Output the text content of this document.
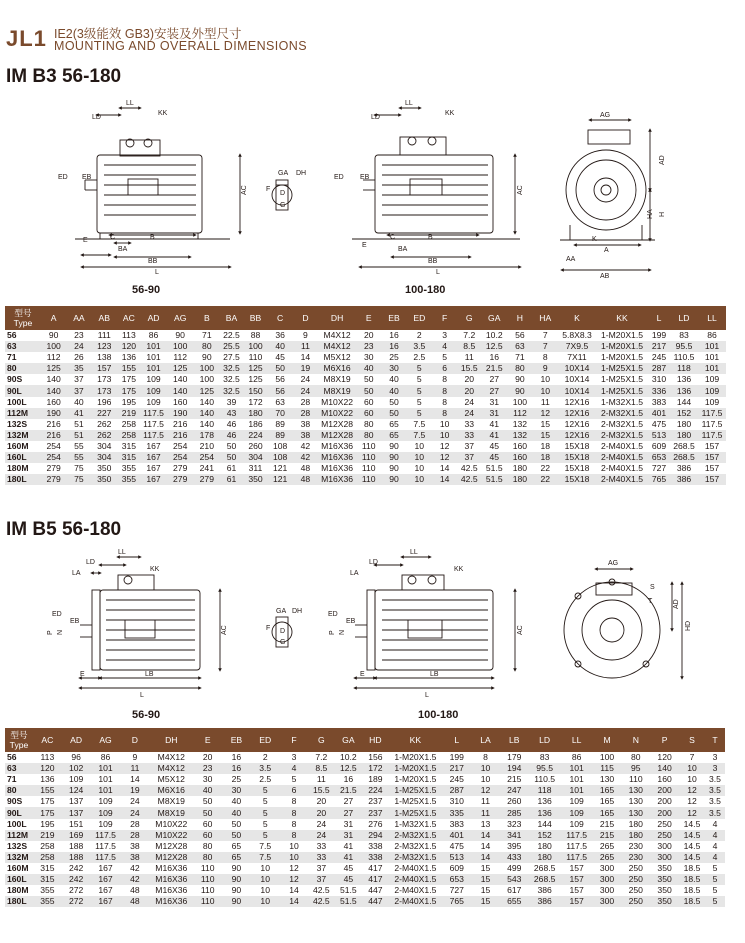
JL1 IE2(3级能效 GB3)安装及外型尺寸
MOUNTING AND OVERALL DIMENSIONS
IM B3 56-180
LD
LL
KK
ED EB
E	C	B
BA
BB
L
AC
56-90
GA DH
F
D
G
LD
LL
KK
ED EB
E
C	B
BA
BB
L
AC
100-180
AG
AD
HA H
K
A
AA
AB
型号
Type	A	AA	AB	AC	AD	AG	B	BA	BB	C	D	DH	E	EB	ED	F	G	GA	H	HA	K	KK	L	LD	LL
56	90	23	111	113	86	90	71	22.5	88	36	9	M4X12	20	16	2	3	7.2	10.2	56	7	5.8X8.3	1-M20X1.5	199	83	86
63	100	24	123	120	101	100	80	25.5	100	40	11	M4X12	23	16	3.5	4	8.5	12.5	63	7	7X9.5	1-M20X1.5	217	95.5	101
71	112	26	138	136	101	112	90	27.5	110	45	14	M5X12	30	25	2.5	5	11	16	71	8	7X11	1-M20X1.5	245	110.5	101
80	125	35	157	155	101	125	100	32.5	125	50	19	M6X16	40	30	5	6	15.5	21.5	80	9	10X14	1-M25X1.5	287	118	101
90S	140	37	173	175	109	140	100	32.5	125	56	24	M8X19	50	40	5	8	20	27	90	10	10X14	1-M25X1.5	310	136	109
90L	140	37	173	175	109	140	125	32.5	150	56	24	M8X19	50	40	5	8	20	27	90	10	10X14	1-M25X1.5	336	136	109
100L	160	40	196	195	109	160	140	39	172	63	28	M10X22	60	50	5	8	24	31	100	11	12X16	1-M32X1.5	383	144	109
112M	190	41	227	219	117.5	190	140	43	180	70	28	M10X22	60	50	5	8	24	31	112	12	12X16	2-M32X1.5	401	152	117.5
132S	216	51	262	258	117.5	216	140	46	186	89	38	M12X28	80	65	7.5	10	33	41	132	15	12X16	2-M32X1.5	475	180	117.5
132M	216	51	262	258	117.5	216	178	46	224	89	38	M12X28	80	65	7.5	10	33	41	132	15	12X16	2-M32X1.5	513	180	117.5
160M	254	55	304	315	167	254	210	50	260	108	42	M16X36	110	90	10	12	37	45	160	18	15X18	2-M40X1.5	609	268.5	157
160L	254	55	304	315	167	254	254	50	304	108	42	M16X36	110	90	10	12	37	45	160	18	15X18	2-M40X1.5	653	268.5	157
180M	279	75	350	355	167	279	241	61	311	121	48	M16X36	110	90	10	14	42.5	51.5	180	22	15X18	2-M40X1.5	727	386	157
180L	279	75	350	355	167	279	279	61	350	121	48	M16X36	110	90	10	14	42.5	51.5	180	22	15X18	2-M40X1.5	765	386	157
IM B5 56-180
LD
LL
LA
KK
ED
EB
E	LB
L
P N	AC
56-90
GA DH
F D
G
LD
LL
LA
KK
ED
EB
E	LB
L
P N	AC
100-180
AG
AD
HD
S
T
型号
Type	AC	AD	AG	D	DH	E	EB	ED	F	G	GA	HD	KK	L	LA	LB	LD	LL	M	N	P	S	T
56	113	96	86	9	M4X12	20	16	2	3	7.2	10.2	156	1-M20X1.5	199	8	179	83	86	100	80	120	7	3
63	120	102	101	11	M4X12	23	16	3.5	4	8.5	12.5	172	1-M20X1.5	217	10	194	95.5	101	115	95	140	10	3
71	136	109	101	14	M5X12	30	25	2.5	5	11	16	189	1-M20X1.5	245	10	215	110.5	101	130	110	160	10	3.5
80	155	124	101	19	M6X16	40	30	5	6	15.5	21.5	224	1-M25X1.5	287	12	247	118	101	165	130	200	12	3.5
90S	175	137	109	24	M8X19	50	40	5	8	20	27	237	1-M25X1.5	310	11	260	136	109	165	130	200	12	3.5
90L	175	137	109	24	M8X19	50	40	5	8	20	27	237	1-M25X1.5	335	11	285	136	109	165	130	200	12	3.5
100L	195	151	109	28	M10X22	60	50	5	8	24	31	276	1-M32X1.5	383	13	323	144	109	215	180	250	14.5	4
112M	219	169	117.5	28	M10X22	60	50	5	8	24	31	294	2-M32X1.5	401	14	341	152	117.5	215	180	250	14.5	4
132S	258	188	117.5	38	M12X28	80	65	7.5	10	33	41	338	2-M32X1.5	475	14	395	180	117.5	265	230	300	14.5	4
132M	258	188	117.5	38	M12X28	80	65	7.5	10	33	41	338	2-M32X1.5	513	14	433	180	117.5	265	230	300	14.5	4
160M	315	242	167	42	M16X36	110	90	10	12	37	45	417	2-M40X1.5	609	15	499	268.5	157	300	250	350	18.5	5
160L	315	242	167	42	M16X36	110	90	10	12	37	45	417	2-M40X1.5	653	15	543	268.5	157	300	250	350	18.5	5
180M	355	272	167	48	M16X36	110	90	10	14	42.5	51.5	447	2-M40X1.5	727	15	617	386	157	300	250	350	18.5	5
180L	355	272	167	48	M16X36	110	90	10	14	42.5	51.5	447	2-M40X1.5	765	15	655	386	157	300	250	350	18.5	5
